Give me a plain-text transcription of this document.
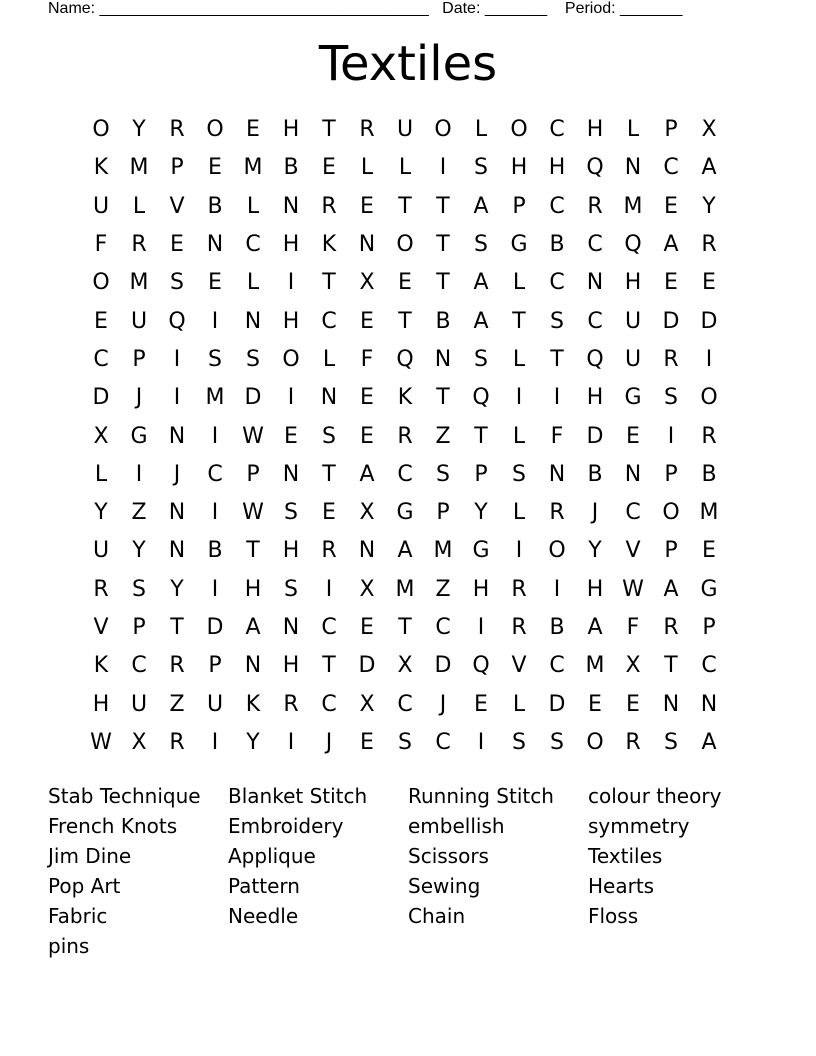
Name: _____________________________________   Date: _______    Period: _______
Textiles
O	Y	R O	E	H	T	R	U O	L	O C	H	L	P	X
K M P	E M B	E	L	L	I	S	H H Q N	C	A
U	L	V	B	L	N	R	E	T	T	A	P	C	R M E	Y
F	R	E	N	C	H	K	N O	T	S	G B	C Q A	R
O M S	E	L	I	T	X	E	T	A	L	C	N H	E	E
E	U Q	I	N H	C	E	T	B	A	T	S	C	U D D
C	P	I	S	S	O	L	F	Q N	S	L	T	Q U	R	I
D	J	I	M D	I	N	E	K	T	Q	I	I	H G	S	O
X G N	I	W E	S	E	R	Z	T	L	F	D	E	I	R
L	I	J	C	P	N	T	A	C	S	P	S	N	B	N	P	B
Y	Z	N	I	W S	E	X G	P	Y	L	R	J	C O M
U	Y	N	B	T	H	R	N	A M G	I	O	Y	V	P	E
R	S	Y	I	H	S	I	X M Z	H	R	I	H W A G
V	P	T	D	A	N	C	E	T	C	I	R	B	A	F	R	P
K	C	R	P	N H	T	D X D Q V	C M X	T	C
H U	Z	U	K	R	C	X	C	J	E	L	D	E	E	N N
W X	R	I	Y	I	J	E	S	C	I	S	S	O R	S	A
Stab Technique	Blanket Stitch	Running Stitch	colour theory
French Knots	Embroidery	embellish	symmetry
Jim Dine	Applique	Scissors	Textiles
Pop Art	Pattern	Sewing	Hearts
Fabric	Needle	Chain	Floss
pins
